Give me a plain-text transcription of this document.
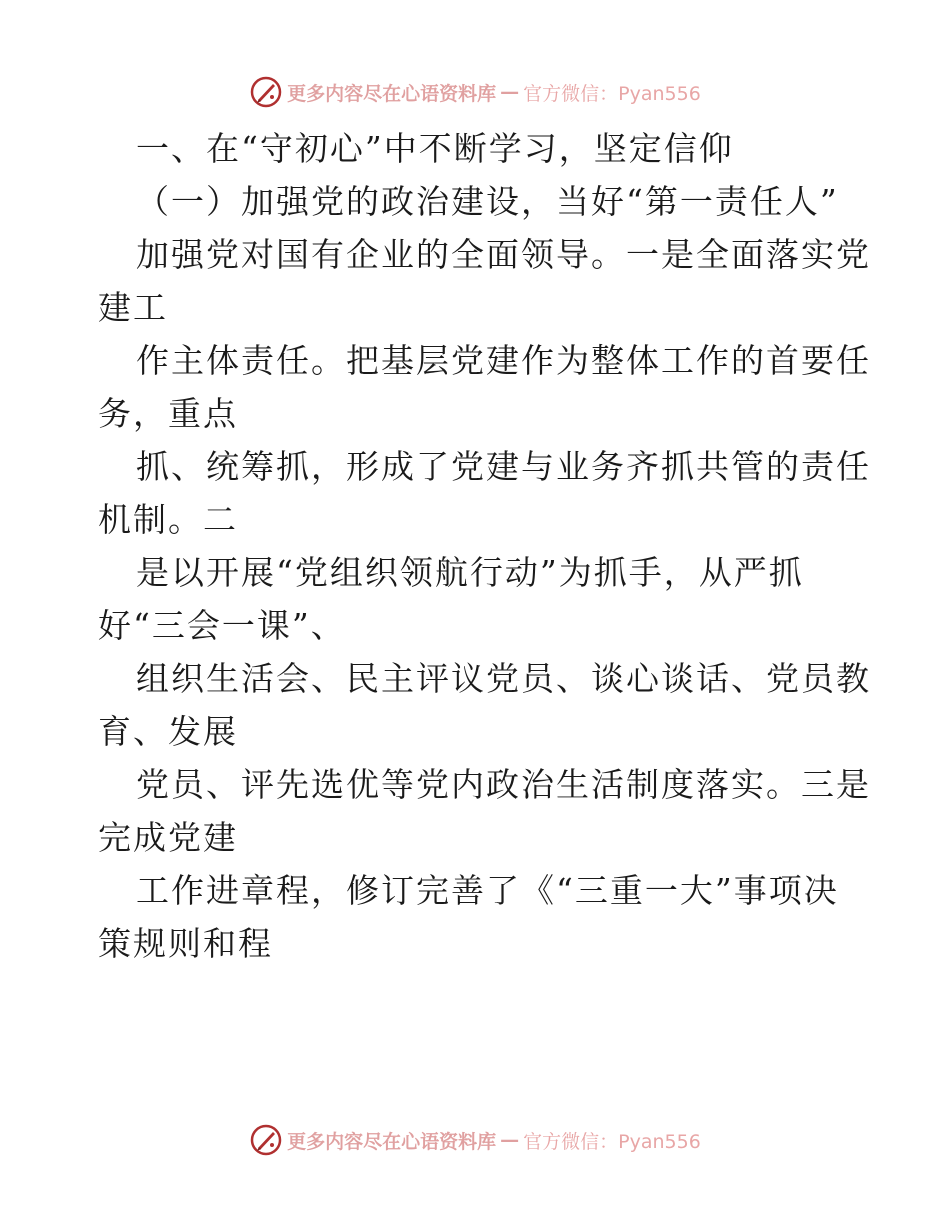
更多内容尽在心语资料库 — 官方微信：Pyan556
一、在“守初心”中不断学习，坚定信仰
（一）加强党的政治建设，当好“第一责任人”
加强党对国有企业的全面领导。一是全面落实党
建工
作主体责任。把基层党建作为整体工作的首要任
务，重点
抓、统筹抓，形成了党建与业务齐抓共管的责任
机制。二
是以开展“党组织领航行动”为抓手，从严抓
好“三会一课”、
组织生活会、民主评议党员、谈心谈话、党员教
育、发展
党员、评先选优等党内政治生活制度落实。三是
完成党建
工作进章程，修订完善了《“三重一大”事项决
策规则和程
更多内容尽在心语资料库 — 官方微信：Pyan556
